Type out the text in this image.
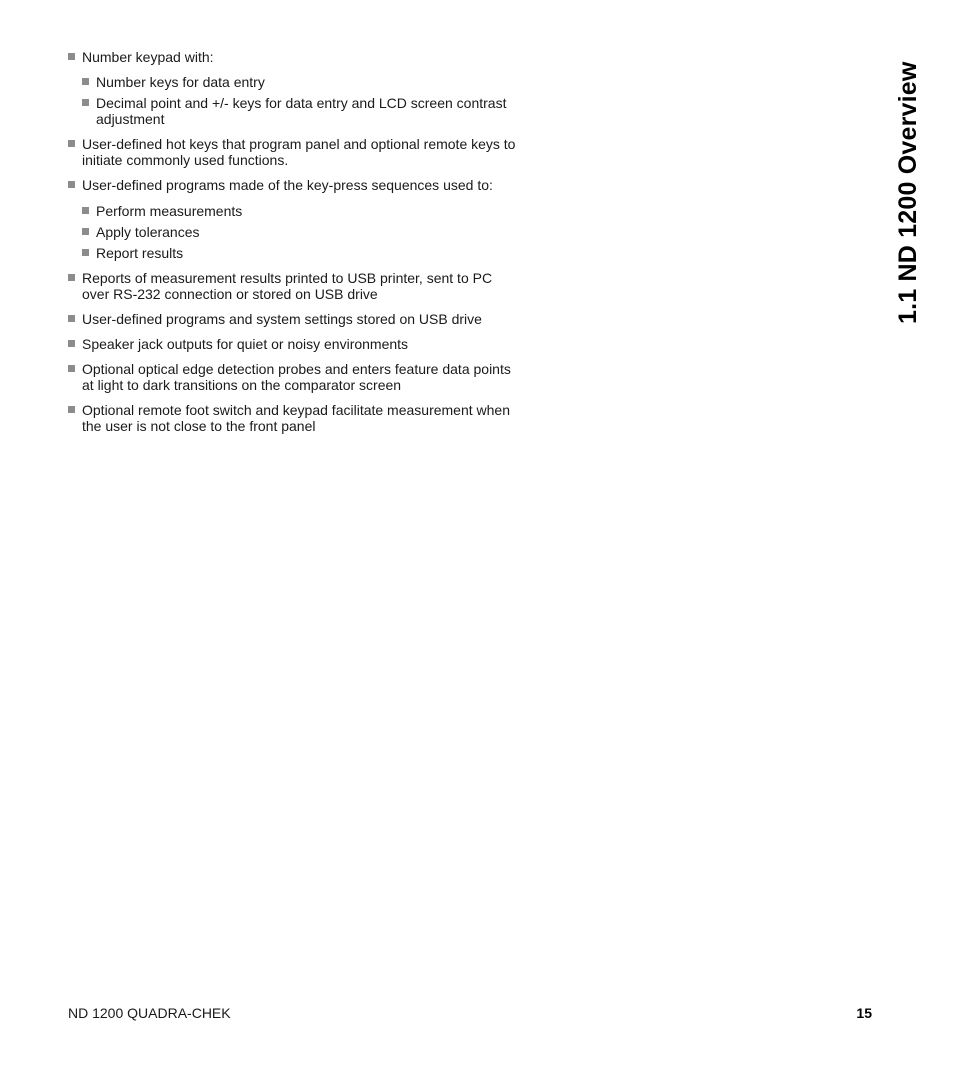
Number keypad with:
Number keys for data entry
Decimal point and +/- keys for data entry and LCD screen contrast adjustment
User-defined hot keys that program panel and optional remote keys to initiate commonly used functions.
User-defined programs made of the key-press sequences used to:
Perform measurements
Apply tolerances
Report results
Reports of measurement results printed to USB printer, sent to PC over RS-232 connection or stored on USB drive
User-defined programs and system settings stored on USB drive
Speaker jack outputs for quiet or noisy environments
Optional optical edge detection probes and enters feature data points at light to dark transitions on the comparator screen
Optional remote foot switch and keypad facilitate measurement when the user is not close to the front panel
1.1 ND 1200 Overview
ND 1200 QUADRA-CHEK	15
